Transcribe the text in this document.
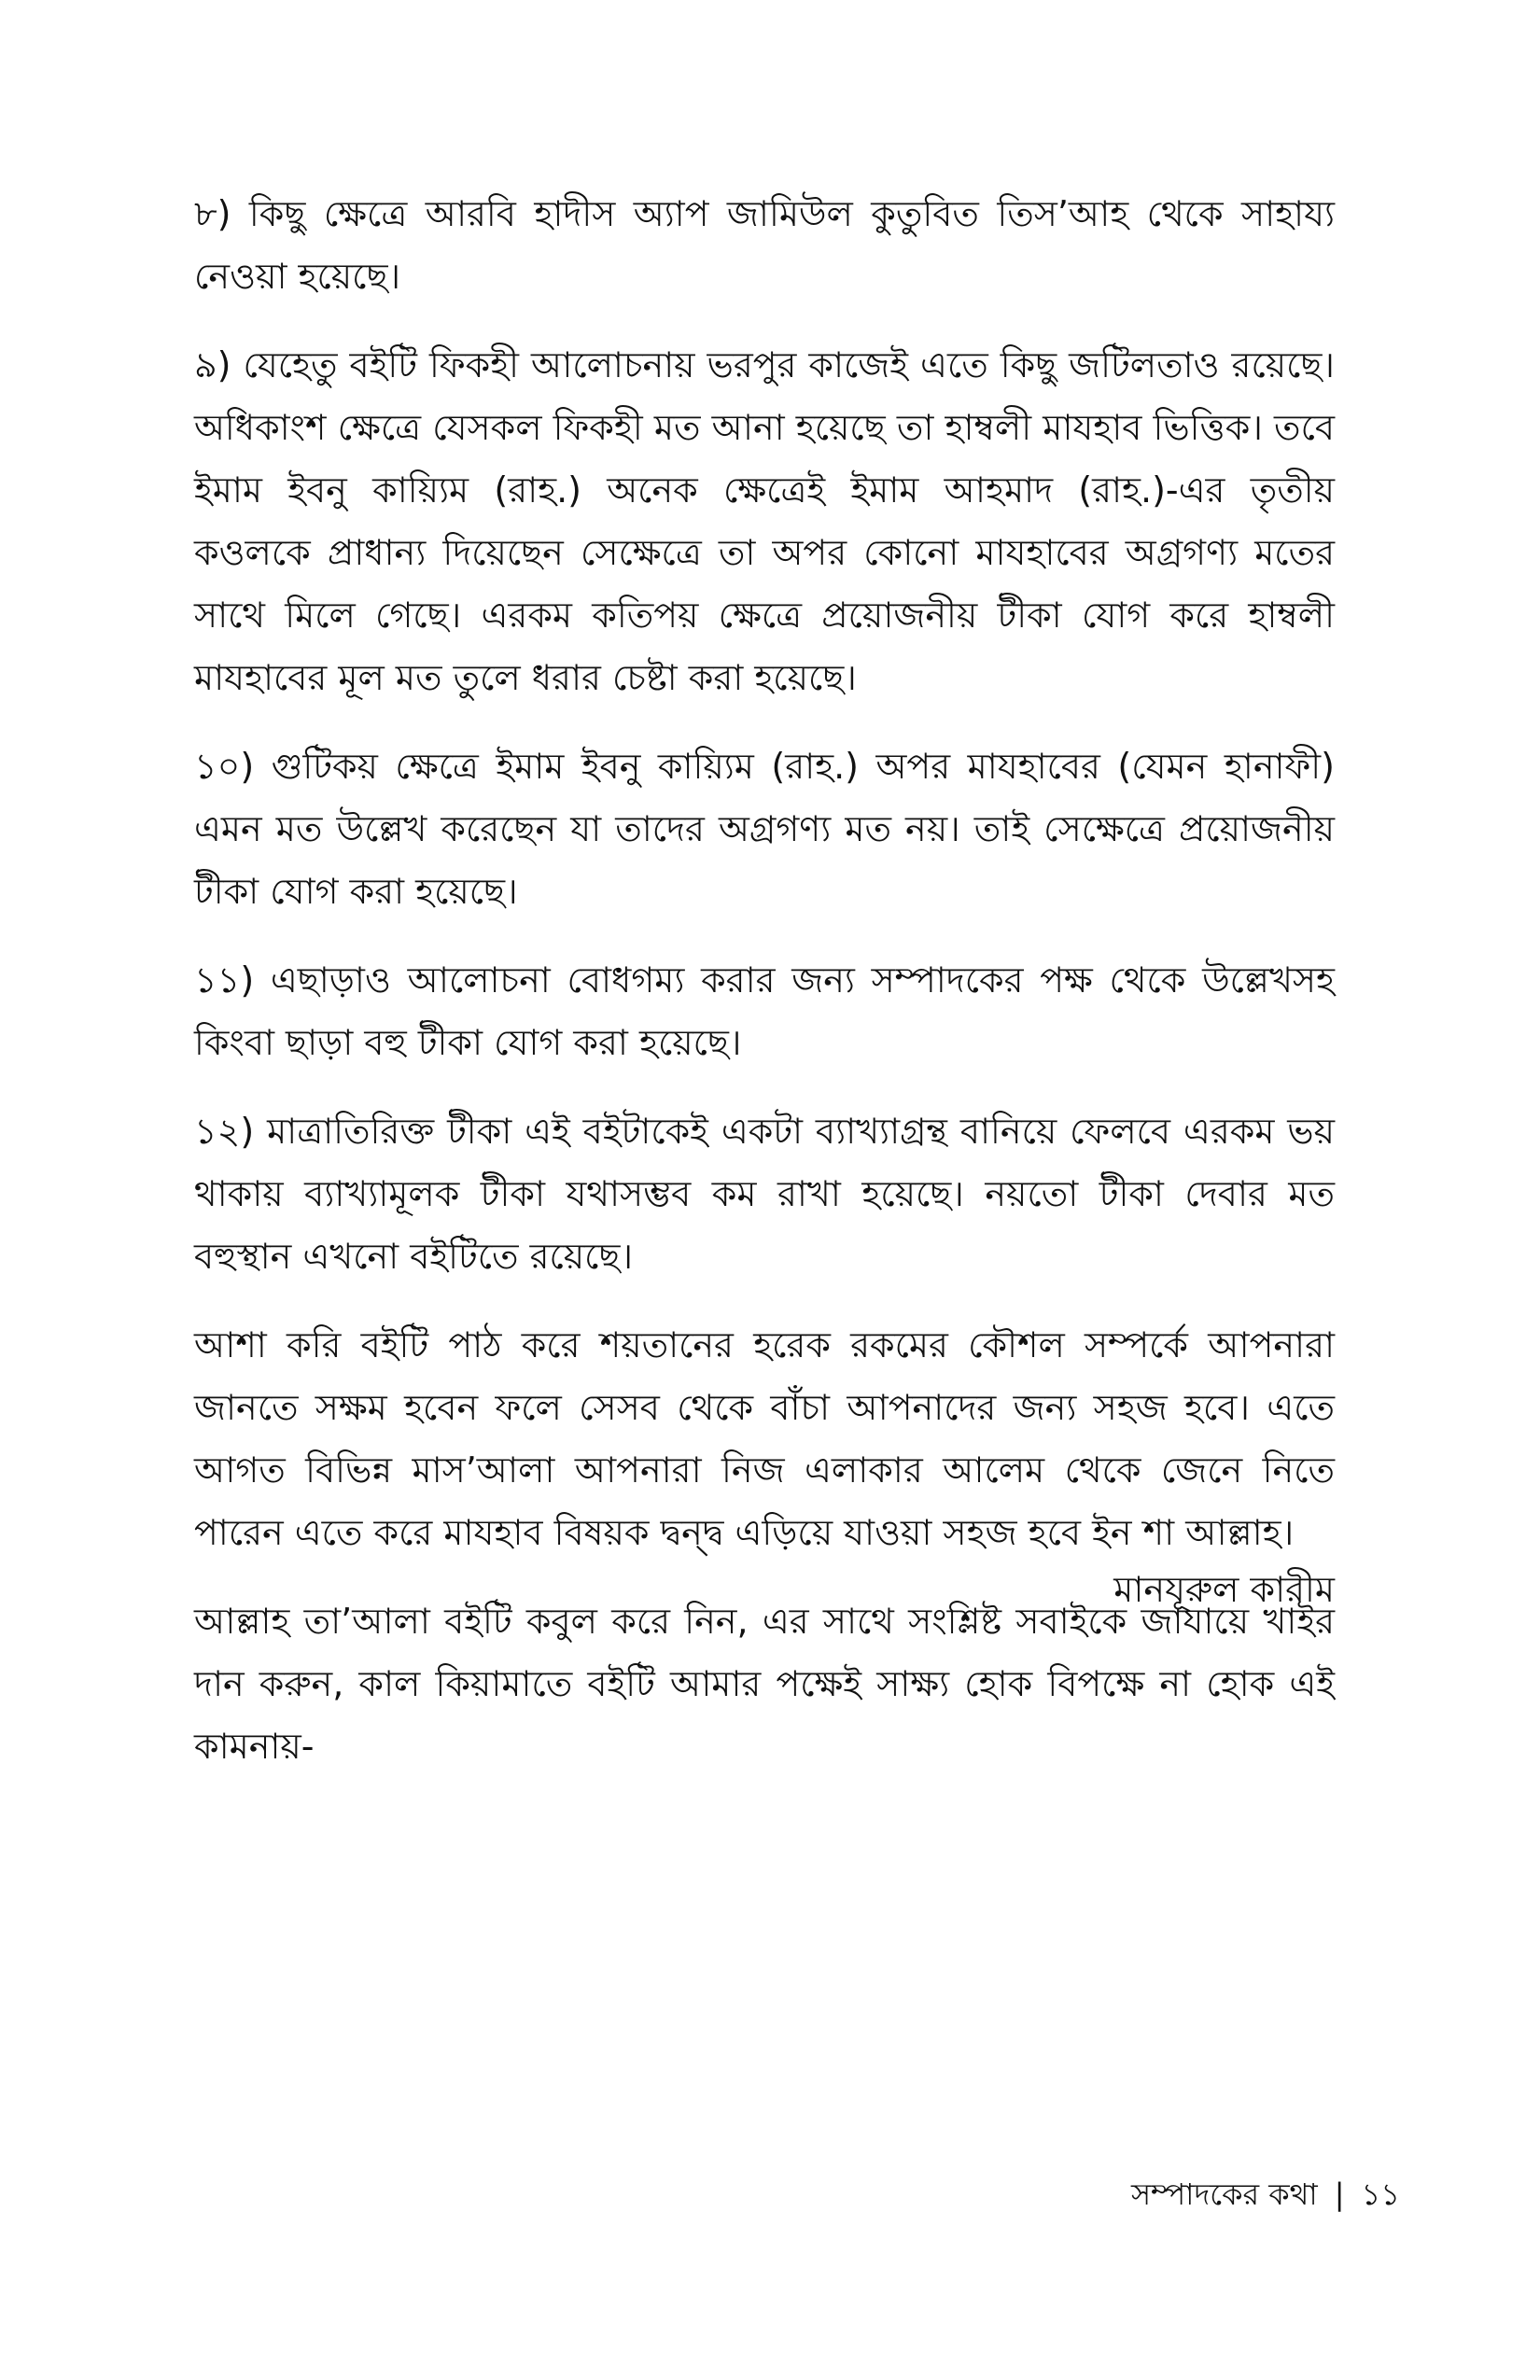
৮) কিছু ক্ষেত্রে আরবি হাদীস অ্যাপ জামিউল কুতুবিত তিস’আহ থেকে সাহায্য নেওয়া হয়েছে।

৯) যেহেতু বইটি ফিকহী আলোচনায় ভরপুর কাজেই এতে কিছু জটিলতাও রয়েছে। অধিকাংশ ক্ষেত্রে যেসকল ফিকহী মত আনা হয়েছে তা হাম্বলী মাযহাব ভিত্তিক। তবে ইমাম ইবনু কায়্যিম (রাহ.) অনেক ক্ষেত্রেই ইমাম আহমাদ (রাহ.)-এর তৃতীয় কওলকে প্রাধান্য দিয়েছেন সেক্ষেত্রে তা অপর কোনো মাযহাবের অগ্রগণ্য মতের সাথে মিলে গেছে। এরকম কতিপয় ক্ষেত্রে প্রয়োজনীয় টীকা যোগ করে হাম্বলী মাযহাবের মূল মত তুলে ধরার চেষ্টা করা হয়েছে।

১০) গুটিকয় ক্ষেত্রে ইমাম ইবনু কায়্যিম (রাহ.) অপর মাযহাবের (যেমন হানাফী) এমন মত উল্লেখ করেছেন যা তাদের অগ্রগণ্য মত নয়। তাই সেক্ষেত্রে প্রয়োজনীয় টীকা যোগ করা হয়েছে।

১১) এছাড়াও আলোচনা বোধগম্য করার জন্য সম্পাদকের পক্ষ থেকে উল্লেখসহ কিংবা ছাড়া বহু টীকা যোগ করা হয়েছে।

১২) মাত্রাতিরিক্ত টীকা এই বইটাকেই একটা ব্যাখ্যাগ্রন্থ বানিয়ে ফেলবে এরকম ভয় থাকায় ব্যাখ্যামূলক টীকা যথাসম্ভব কম রাখা হয়েছে। নয়তো টীকা দেবার মত বহুস্থান এখনো বইটিতে রয়েছে।

আশা করি বইটি পাঠ করে শয়তানের হরেক রকমের কৌশল সম্পর্কে আপনারা জানতে সক্ষম হবেন ফলে সেসব থেকে বাঁচা আপনাদের জন্য সহজ হবে। এতে আগত বিভিন্ন মাস’আলা আপনারা নিজ এলাকার আলেম থেকে জেনে নিতে পারেন এতে করে মাযহাব বিষয়ক দ্বন্দ্ব এড়িয়ে যাওয়া সহজ হবে ইন শা আল্লাহ।

আল্লাহ তা’আলা বইটি কবুল করে নিন, এর সাথে সংশ্লিষ্ট সবাইকে জাযায়ে খাইর দান করুন, কাল কিয়ামাতে বইটি আমার পক্ষেই সাক্ষ্য হোক বিপক্ষে না হোক এই কামনায়-

মানযূরুল কারীম
সম্পাদকের কথা | ১১
